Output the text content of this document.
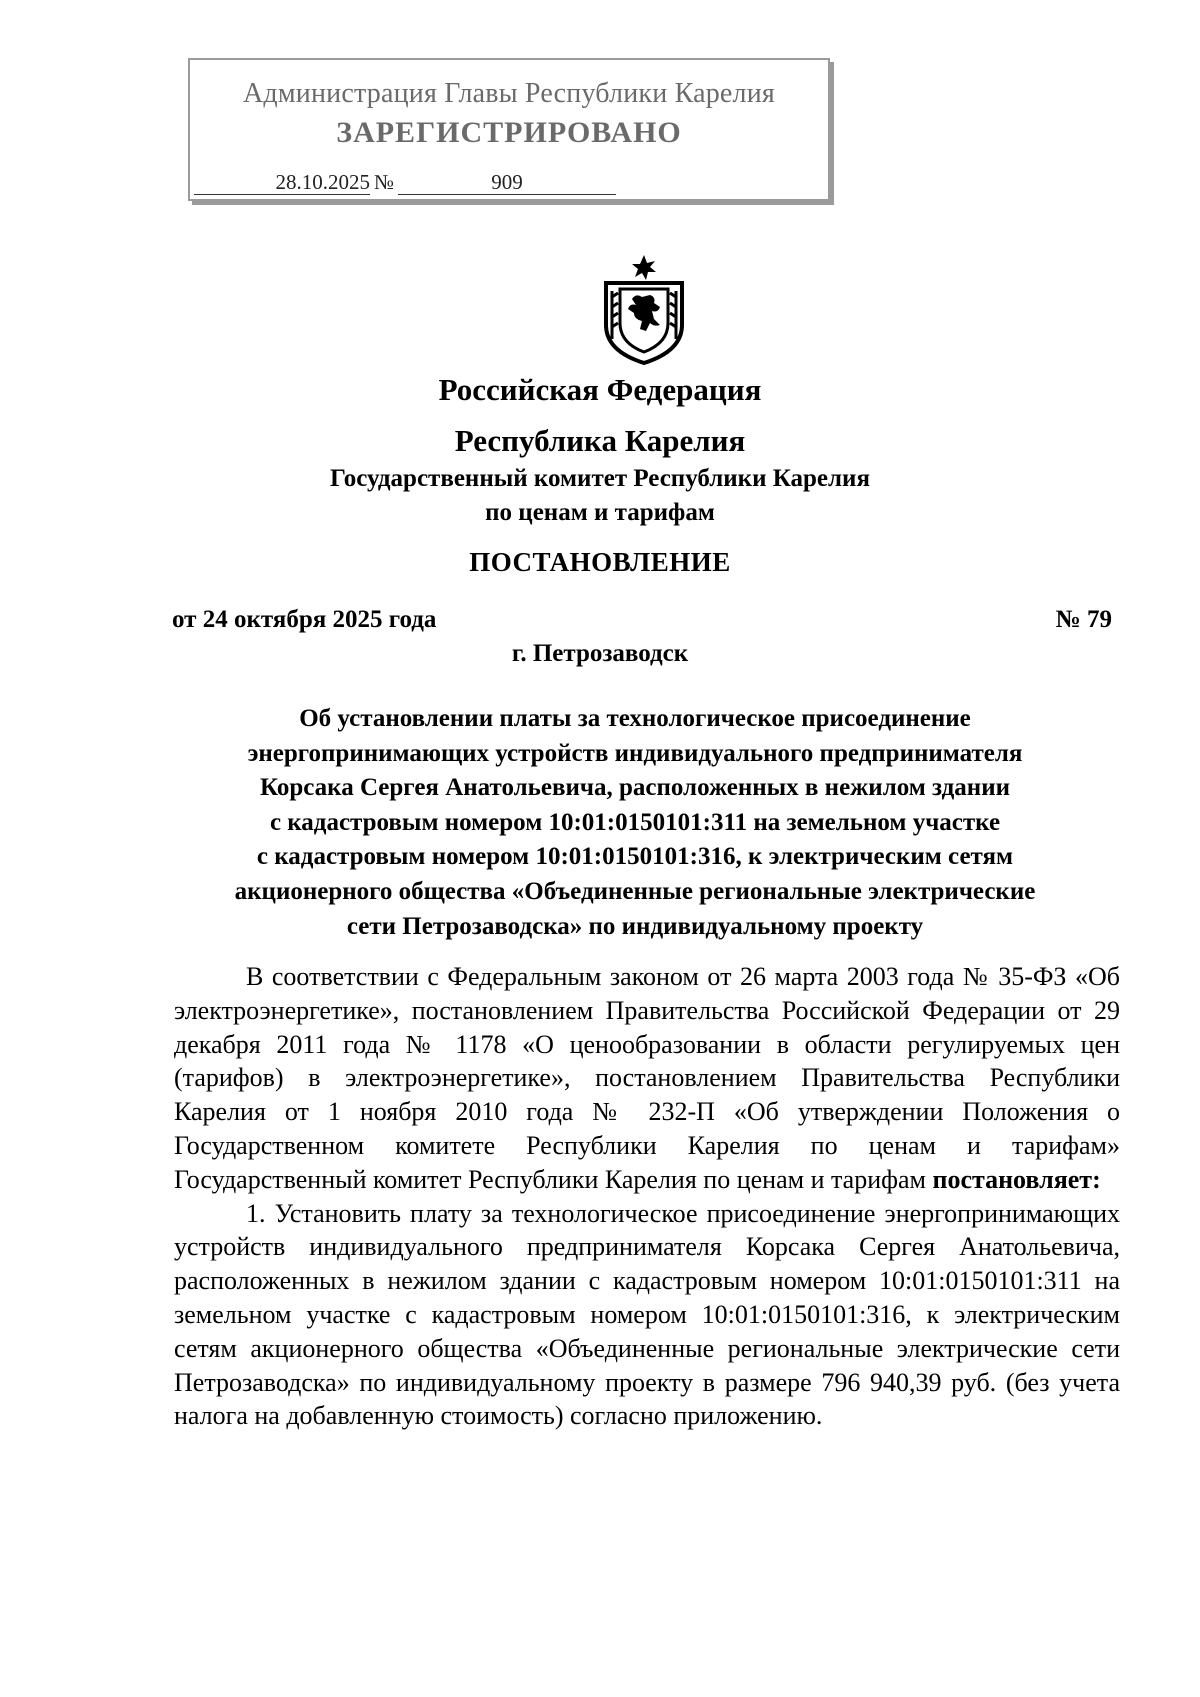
Администрация Главы Республики Карелия
ЗАРЕГИСТРИРОВАНО
28.10.2025 №	909
Российская Федерация
Республика Карелия
Государственный комитет Республики Карелия
по ценам и тарифам
ПОСТАНОВЛЕНИЕ
от 24 октября 2025 года	№ 79
г. Петрозаводск
Об установлении платы за технологическое присоединение
энергопринимающих устройств индивидуального предпринимателя
Корсака Сергея Анатольевича, расположенных в нежилом здании
с кадастровым номером 10:01:0150101:311 на земельном участке
с кадастровым номером 10:01:0150101:316, к электрическим сетям
акционерного общества «Объединенные региональные электрические
сети Петрозаводска» по индивидуальному проекту

В соответствии с Федеральным законом от 26 марта 2003 года № 35-ФЗ «Об электроэнергетике», постановлением Правительства Российской Федерации от 29 декабря 2011 года № 1178 «О ценообразовании в области регулируемых цен (тарифов) в электроэнергетике», постановлением Правительства Республики Карелия от 1 ноября 2010 года № 232-П «Об утверждении Положения о Государственном комитете Республики Карелия по ценам и тарифам» Государственный комитет Республики Карелия по ценам и тарифам постановляет:

1. Установить плату за технологическое присоединение энергопринимающих устройств индивидуального предпринимателя Корсака Сергея Анатольевича, расположенных в нежилом здании с кадастровым номером 10:01:0150101:311 на земельном участке с кадастровым номером 10:01:0150101:316, к электрическим сетям акционерного общества «Объединенные региональные электрические сети Петрозаводска» по индивидуальному проекту в размере 796 940,39 руб. (без учета налога на добавленную стоимость) согласно приложению.
